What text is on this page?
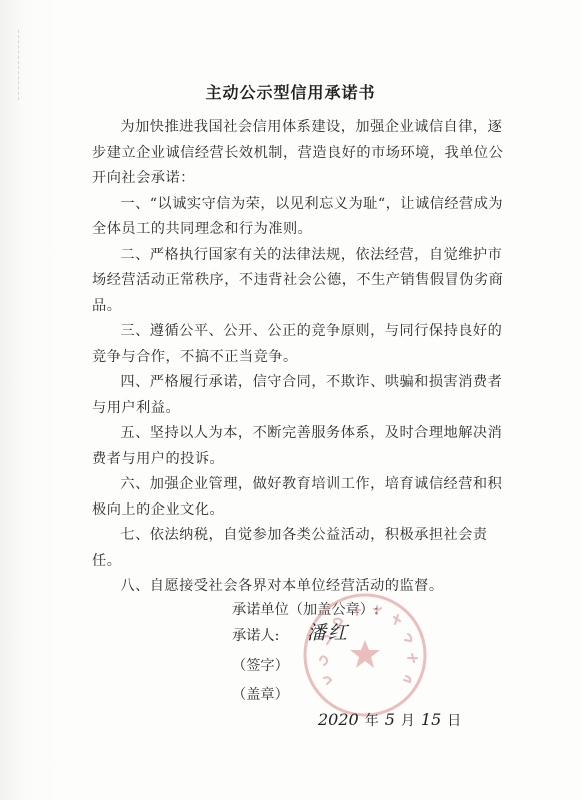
主动公示型信用承诺书

为加快推进我国社会信用体系建设，加强企业诚信自律，逐步建立企业诚信经营长效机制，营造良好的市场环境，我单位公开向社会承诺：

一、“以诚实守信为荣，以见利忘义为耻“，让诚信经营成为全体员工的共同理念和行为准则。

二、严格执行国家有关的法律法规，依法经营，自觉维护市场经营活动正常秩序，不违背社会公德，不生产销售假冒伪劣商品。

三、遵循公平、公开、公正的竞争原则，与同行保持良好的竞争与合作，不搞不正当竞争。

四、严格履行承诺，信守合同，不欺诈、哄骗和损害消费者与用户利益。

五、坚持以人为本，不断完善服务体系，及时合理地解决消费者与用户的投诉。

六、加强企业管理，做好教育培训工作，培育诚信经营和积极向上的企业文化。

七、依法纳税，自觉参加各类公益活动，积极承担社会责任。

八、自愿接受社会各界对本单位经营活动的监督。

承诺单位（加盖公章）:
承诺人:
（签字）
（盖章）
潘红
2020 年 5 月 15 日
